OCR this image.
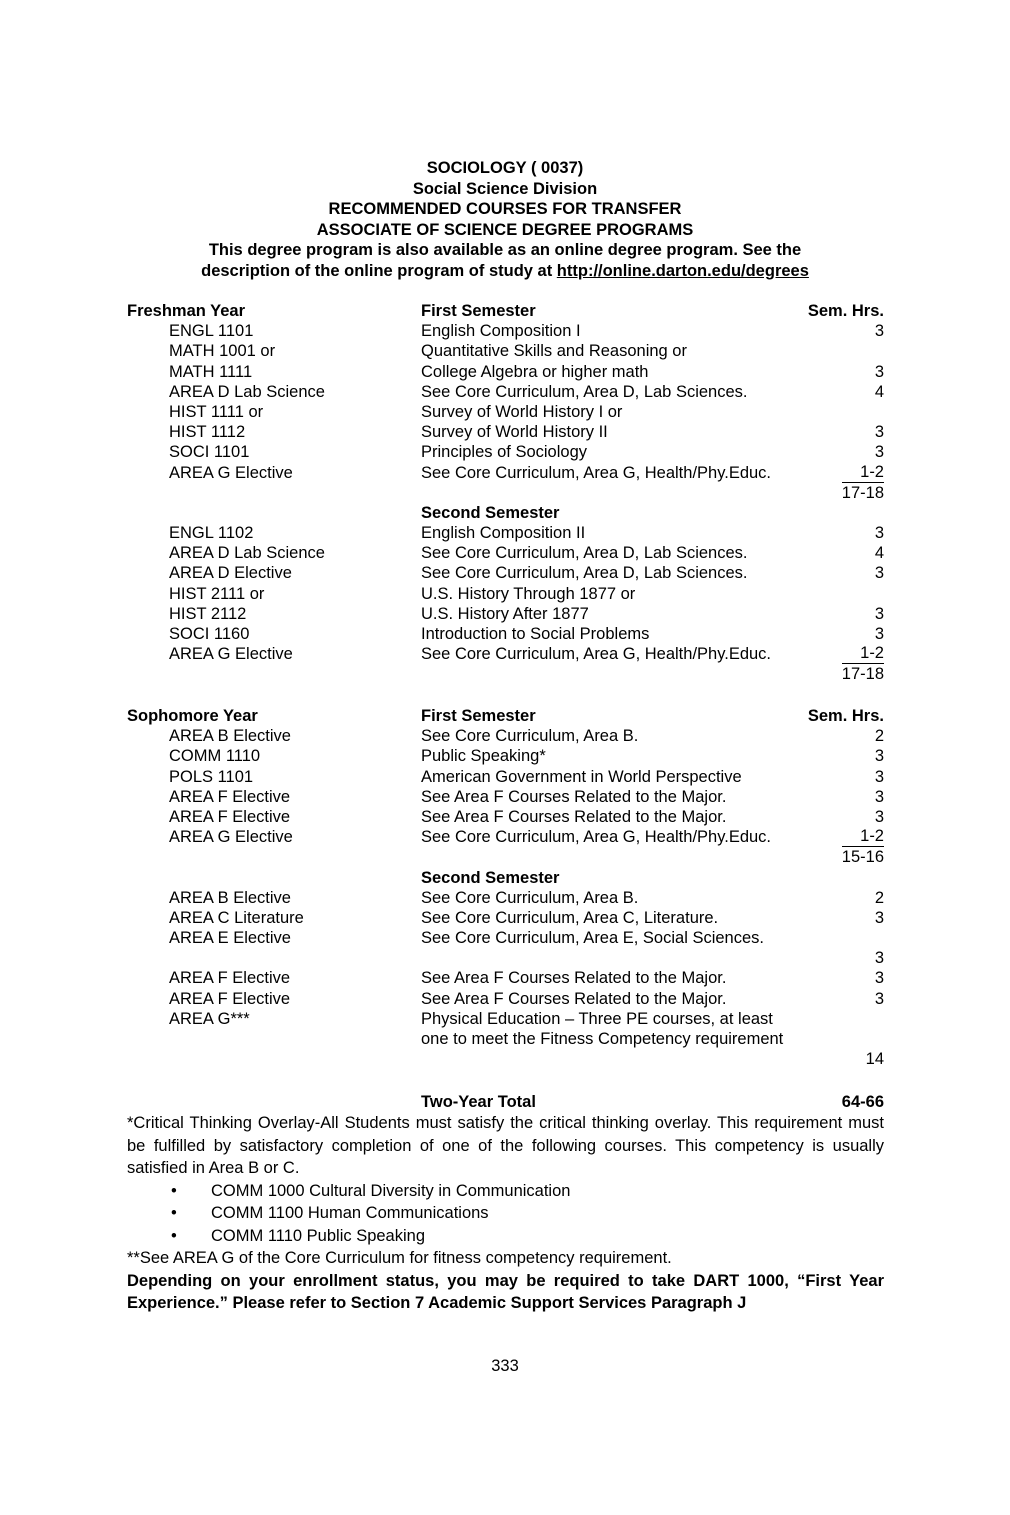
SOCIOLOGY ( 0037)
Social Science Division
RECOMMENDED COURSES FOR TRANSFER
ASSOCIATE OF SCIENCE DEGREE PROGRAMS
This degree program is also available as an online degree program. See the
description of the online program of study at http://online.darton.edu/degrees
Freshman Year	First Semester	Sem. Hrs.
ENGL 1101	English Composition I	3
MATH 1001 or	Quantitative Skills and Reasoning or
MATH 1111	College Algebra or higher math	3
AREA D Lab Science	See Core Curriculum, Area D, Lab Sciences.	4
HIST 1111 or	Survey of World History I or
HIST 1112	Survey of World History II	3
SOCI 1101	Principles of Sociology	3
AREA G Elective	See Core Curriculum, Area G, Health/Phy.Educ.	1-2
17-18
Second Semester
ENGL 1102	English Composition II	3
AREA D Lab Science	See Core Curriculum, Area D, Lab Sciences.	4
AREA D Elective	See Core Curriculum, Area D, Lab Sciences.	3
HIST 2111 or	U.S. History Through 1877 or
HIST 2112	U.S. History After 1877	3
SOCI 1160	Introduction to Social Problems	3
AREA G Elective	See Core Curriculum, Area G, Health/Phy.Educ.	1-2
17-18
Sophomore Year	First Semester	Sem. Hrs.
AREA B Elective	See Core Curriculum, Area B.	2
COMM 1110	Public Speaking*	3
POLS 1101	American Government in World Perspective	3
AREA F Elective	See Area F Courses Related to the Major.	3
AREA F Elective	See Area F Courses Related to the Major.	3
AREA G Elective	See Core Curriculum, Area G, Health/Phy.Educ.	1-2
15-16
Second Semester
AREA B Elective	See Core Curriculum, Area B.	2
AREA C Literature	See Core Curriculum, Area C, Literature.	3
AREA E Elective	See Core Curriculum, Area E, Social Sciences.
3
AREA F Elective	See Area F Courses Related to the Major.	3
AREA F Elective	See Area F Courses Related to the Major.	3
AREA G***	Physical Education – Three PE courses, at least
one to meet the Fitness Competency requirement
14
Two-Year Total	64-66

*Critical Thinking Overlay-All Students must satisfy the critical thinking overlay. This requirement must be fulfilled by satisfactory completion of one of the following courses. This competency is usually satisfied in Area B or C.

• COMM 1000 Cultural Diversity in Communication
• COMM 1100 Human Communications
• COMM 1110 Public Speaking

**See AREA G of the Core Curriculum for fitness competency requirement.

Depending on your enrollment status, you may be required to take DART 1000, “First Year Experience.” Please refer to Section 7 Academic Support Services Paragraph J

333
